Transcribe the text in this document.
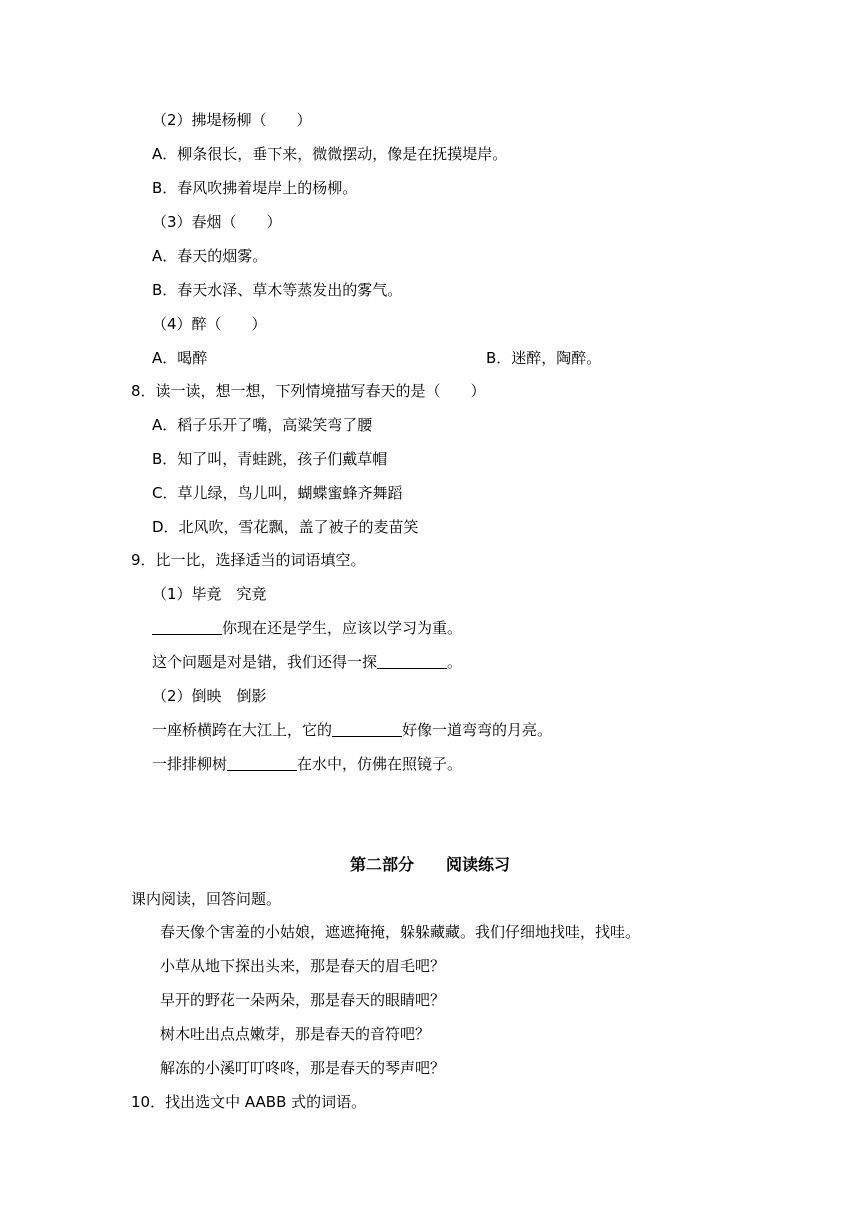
（2）拂堤杨柳（　　）
A．柳条很长，垂下来，微微摆动，像是在抚摸堤岸。
B．春风吹拂着堤岸上的杨柳。
（3）春烟（　　）
A．春天的烟雾。
B．春天水泽、草木等蒸发出的雾气。
（4）醉（　　）
A．喝醉	B．迷醉，陶醉。
8．读一读，想一想，下列情境描写春天的是（　　）
A．稻子乐开了嘴，高粱笑弯了腰
B．知了叫，青蛙跳，孩子们戴草帽
C．草儿绿，鸟儿叫，蝴蝶蜜蜂齐舞蹈
D．北风吹，雪花飘，盖了被子的麦苗笑
9．比一比，选择适当的词语填空。
（1）毕竟　究竟
你现在还是学生，应该以学习为重。
这个问题是对是错，我们还得一探	。
（2）倒映　倒影
一座桥横跨在大江上，它的	好像一道弯弯的月亮。
一排排柳树	在水中，仿佛在照镜子。
第二部分　　阅读练习
课内阅读，回答问题。
春天像个害羞的小姑娘，遮遮掩掩，躲躲藏藏。我们仔细地找哇，找哇。
小草从地下探出头来，那是春天的眉毛吧？
早开的野花一朵两朵，那是春天的眼睛吧？
树木吐出点点嫩芽，那是春天的音符吧？
解冻的小溪叮叮咚咚，那是春天的琴声吧？
10．找出选文中 AABB 式的词语。
